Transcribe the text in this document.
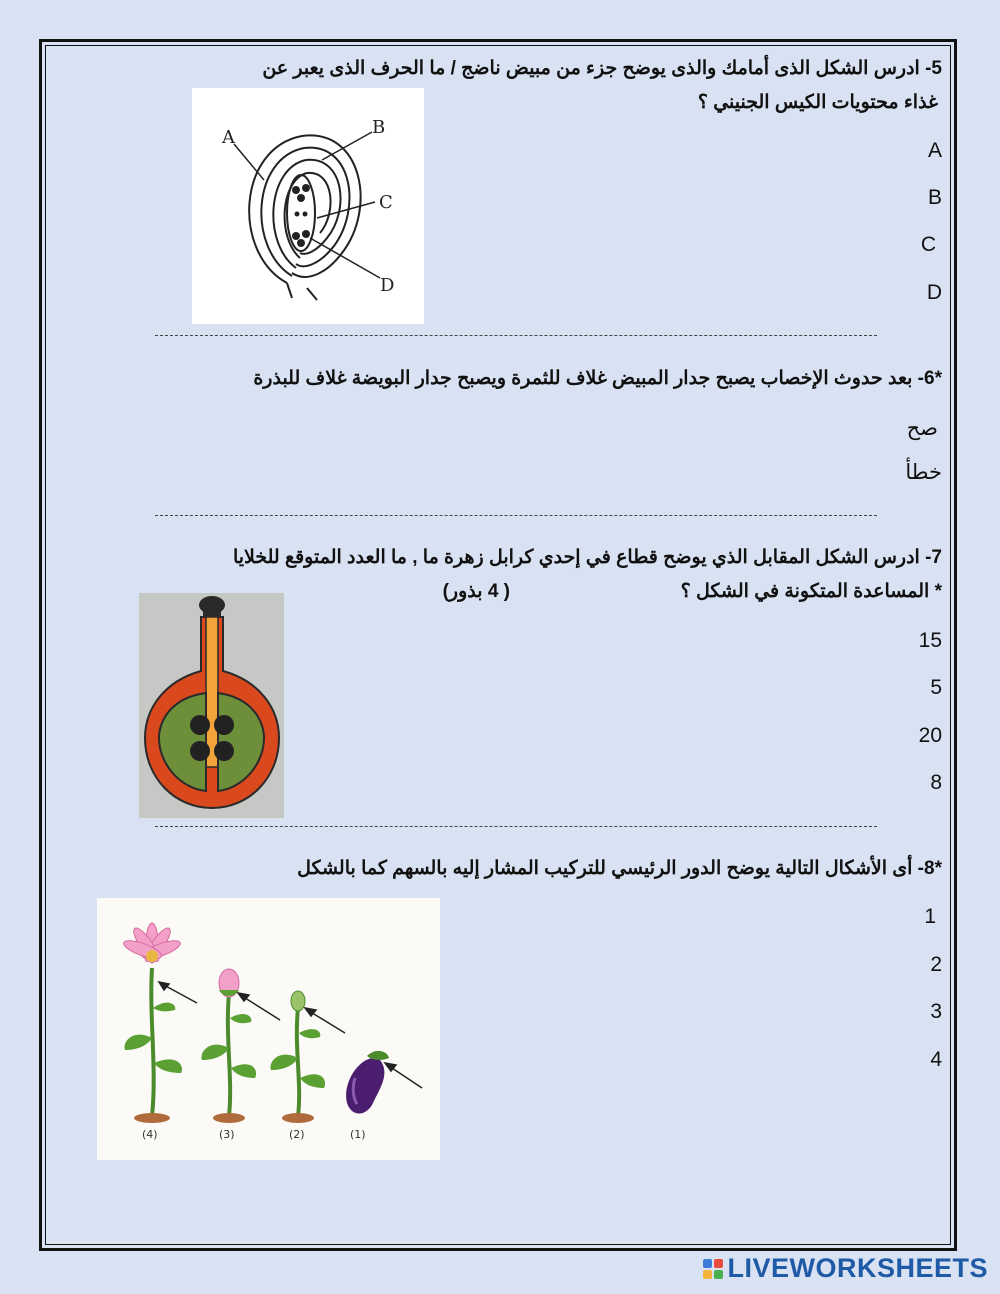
5- ادرس الشكل الذى أمامك والذى يوضح جزء من مبيض ناضج / ما الحرف الذى يعبر عن
غذاء محتويات الكيس الجنيني ؟
A	B
C
D
A
B
C
D
*6- بعد حدوث الإخصاب يصبح جدار المبيض غلاف للثمرة ويصبح جدار البويضة غلاف للبذرة
صح
خطأ
7- ادرس الشكل المقابل الذي يوضح قطاع في إحدي كرابل زهرة ما , ما العدد المتوقع للخلايا
* المساعدة المتكونة في الشكل ؟
( 4 بذور)
15
5
20
8
*8- أى الأشكال التالية يوضح الدور الرئيسي للتركيب المشار إليه بالسهم كما بالشكل
(4)	(3)	(2)	(1)
1
2
3
4
LIVEWORKSHEETS
